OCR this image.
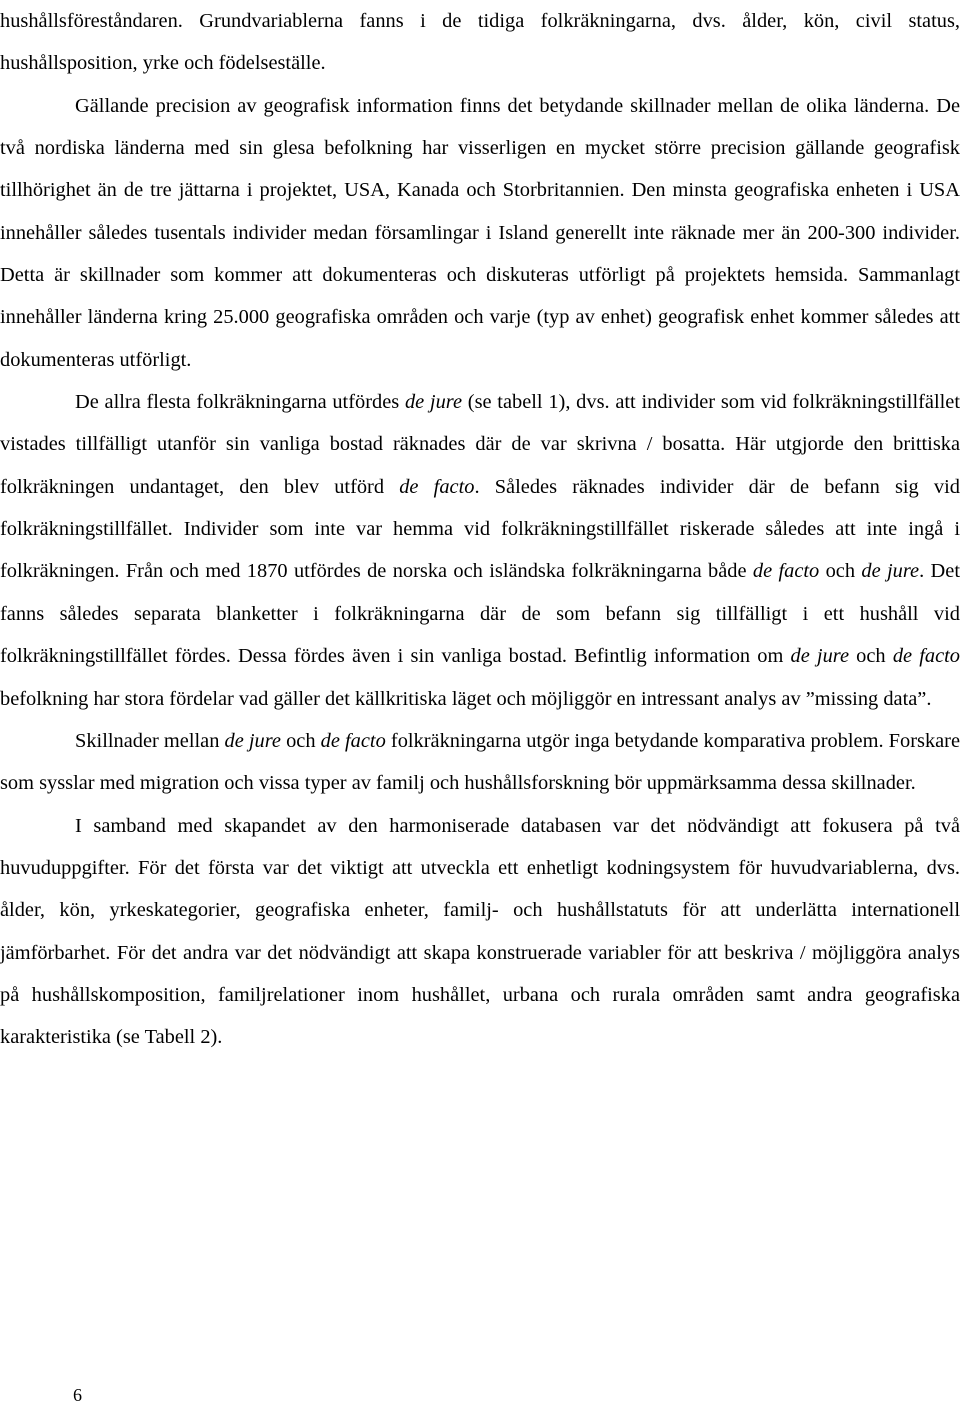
hushållsföreståndaren. Grundvariablerna fanns i de tidiga folkräkningarna, dvs. ålder, kön, civil status, hushållsposition, yrke och födelseställe.

Gällande precision av geografisk information finns det betydande skillnader mellan de olika länderna. De två nordiska länderna med sin glesa befolkning har visserligen en mycket större precision gällande geografisk tillhörighet än de tre jättarna i projektet, USA, Kanada och Storbritannien. Den minsta geografiska enheten i USA innehåller således tusentals individer medan församlingar i Island generellt inte räknade mer än 200-300 individer. Detta är skillnader som kommer att dokumenteras och diskuteras utförligt på projektets hemsida. Sammanlagt innehåller länderna kring 25.000 geografiska områden och varje (typ av enhet) geografisk enhet kommer således att dokumenteras utförligt.

De allra flesta folkräkningarna utfördes de jure (se tabell 1), dvs. att individer som vid folkräkningstillfället vistades tillfälligt utanför sin vanliga bostad räknades där de var skrivna / bosatta. Här utgjorde den brittiska folkräkningen undantaget, den blev utförd de facto. Således räknades individer där de befann sig vid folkräkningstillfället. Individer som inte var hemma vid folkräkningstillfället riskerade således att inte ingå i folkräkningen. Från och med 1870 utfördes de norska och isländska folkräkningarna både de facto och de jure. Det fanns således separata blanketter i folkräkningarna där de som befann sig tillfälligt i ett hushåll vid folkräkningstillfället fördes. Dessa fördes även i sin vanliga bostad. Befintlig information om de jure och de facto befolkning har stora fördelar vad gäller det källkritiska läget och möjliggör en intressant analys av ”missing data”.

Skillnader mellan de jure och de facto folkräkningarna utgör inga betydande komparativa problem. Forskare som sysslar med migration och vissa typer av familj och hushållsforskning bör uppmärksamma dessa skillnader.

I samband med skapandet av den harmoniserade databasen var det nödvändigt att fokusera på två huvuduppgifter. För det första var det viktigt att utveckla ett enhetligt kodningsystem för huvudvariablerna, dvs. ålder, kön, yrkeskategorier, geografiska enheter, familj- och hushållstatuts för att underlätta internationell jämförbarhet. För det andra var det nödvändigt att skapa konstruerade variabler för att beskriva / möjliggöra analys på hushållskomposition, familjrelationer inom hushållet, urbana och rurala områden samt andra geografiska karakteristika (se Tabell 2).

6
